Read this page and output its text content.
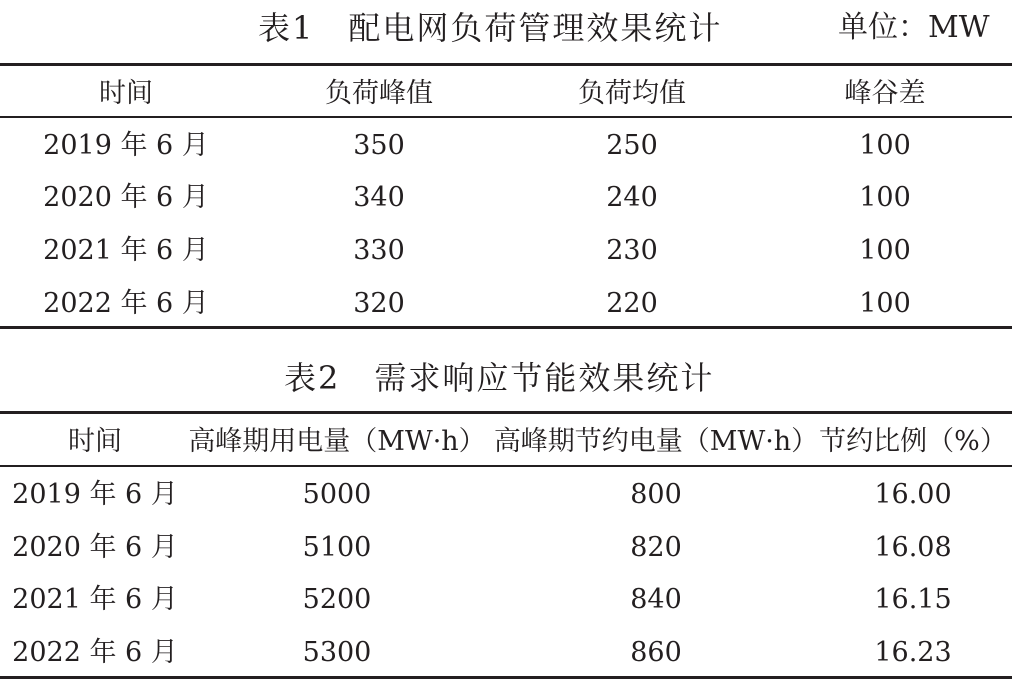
表1 配电网负荷管理效果统计	单位：MW
时间	负荷峰值	负荷均值	峰谷差
2019 年 6 月	350	250	100
2020 年 6 月	340	240	100
2021 年 6 月	330	230	100
2022 年 6 月	320	220	100
表2 需求响应节能效果统计
时间 高峰期用电量（MW·h） 高峰期节约电量（MW·h） 节约比例（%）
2019 年 6 月	5000	800	16.00
2020 年 6 月	5100	820	16.08
2021 年 6 月	5200	840	16.15
2022 年 6 月	5300	860	16.23
